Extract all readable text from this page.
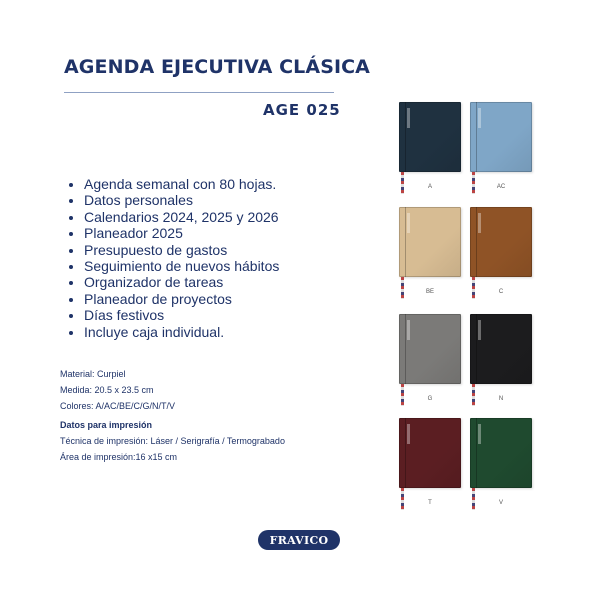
AGENDA EJECUTIVA CLÁSICA
AGE 025
Agenda semanal con 80 hojas.
Datos personales
Calendarios 2024, 2025 y 2026
Planeador 2025
Presupuesto de gastos
Seguimiento de nuevos hábitos
Organizador de tareas
Planeador de proyectos
Días festivos
Incluye caja individual.
Material: Curpiel
Medida: 20.5 x 23.5 cm
Colores: A/AC/BE/C/G/N/T/V
Datos para impresión
Técnica de impresión: Láser / Serigrafía / Termograbado
Área de impresión:16 x15 cm
FRAVICO
A	AC
BE	C
G	N
T	V
